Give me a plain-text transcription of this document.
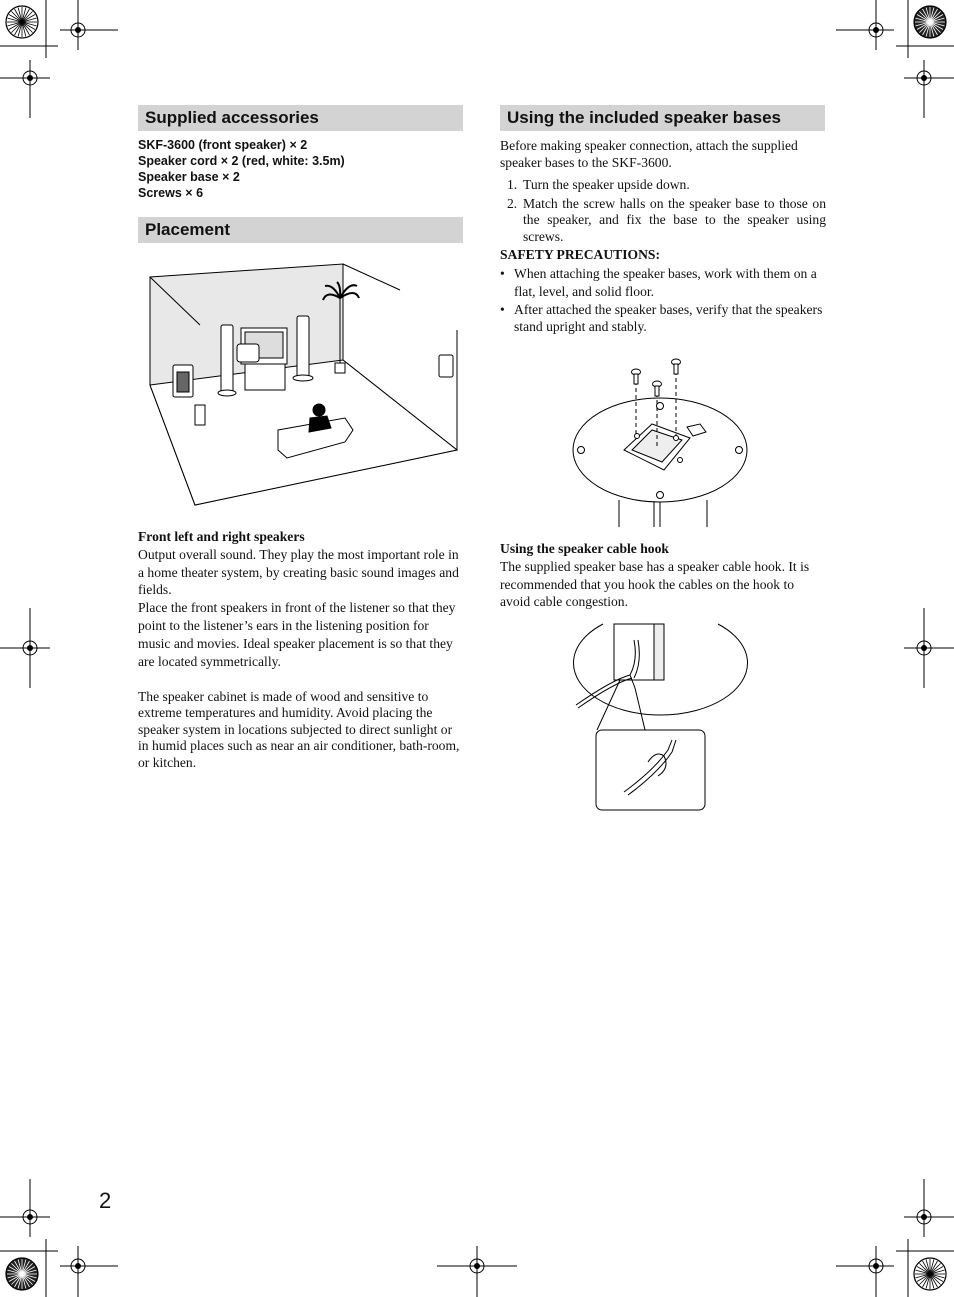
Supplied accessories
SKF-3600 (front speaker) × 2
Speaker cord × 2 (red, white: 3.5m)
Speaker base × 2
Screws × 6
Placement
Front left and right speakers
Output overall sound. They play the most important role in a home theater system, by creating basic sound images and fields.
Place the front speakers in front of the listener so that they point to the listener’s ears in the listening position for music and movies. Ideal speaker placement is so that they are located symmetrically.
The speaker cabinet is made of wood and sensitive to extreme temperatures and humidity. Avoid placing the speaker system in locations subjected to direct sunlight or in humid places such as near an air conditioner, bath-room, or kitchen.
Using the included speaker bases
Before making speaker connection, attach the supplied speaker bases to the SKF-3600.
1. Turn the speaker upside down.
2. Match the screw halls on the speaker base to those on the speaker, and fix the base to the speaker using screws.
SAFETY PRECAUTIONS:
• When attaching the speaker bases, work with them on a flat, level, and solid floor.
• After attached the speaker bases, verify that the speakers stand upright and stably.
Using the speaker cable hook
The supplied speaker base has a speaker cable hook. It is recommended that you hook the cables on the hook to avoid cable congestion.
2
